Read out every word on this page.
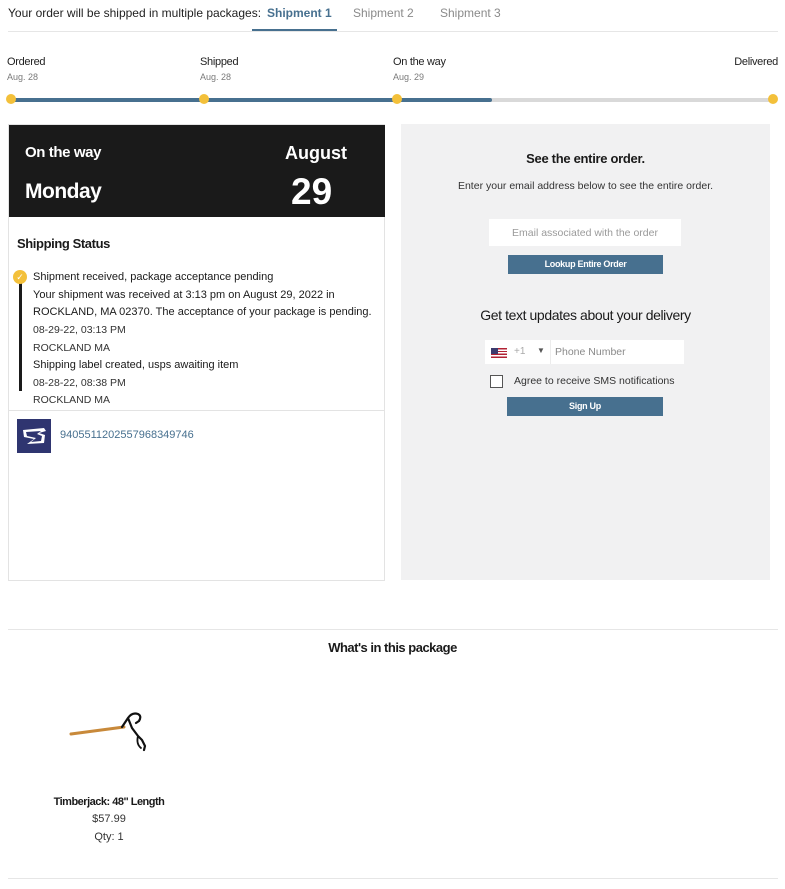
Your order will be shipped in multiple packages: Shipment 1 Shipment 2 Shipment 3
Ordered
Aug. 28
Shipped
Aug. 28
On the way
Aug. 29
Delivered
On the way
Monday
August
29
Shipping Status
✓ Shipment received, package acceptance pending
Your shipment was received at 3:13 pm on August 29, 2022 in
ROCKLAND, MA 02370. The acceptance of your package is pending.
08-29-22, 03:13 PM
ROCKLAND MA
Shipping label created, usps awaiting item
08-28-22, 08:38 PM
ROCKLAND MA
9405511202557968349746
See the entire order.
Enter your email address below to see the entire order.
Email associated with the order
Lookup Entire Order
Get text updates about your delivery
+1 ▼
Phone Number
Agree to receive SMS notifications
Sign Up
What's in this package
Timberjack: 48" Length
$57.99
Qty: 1
